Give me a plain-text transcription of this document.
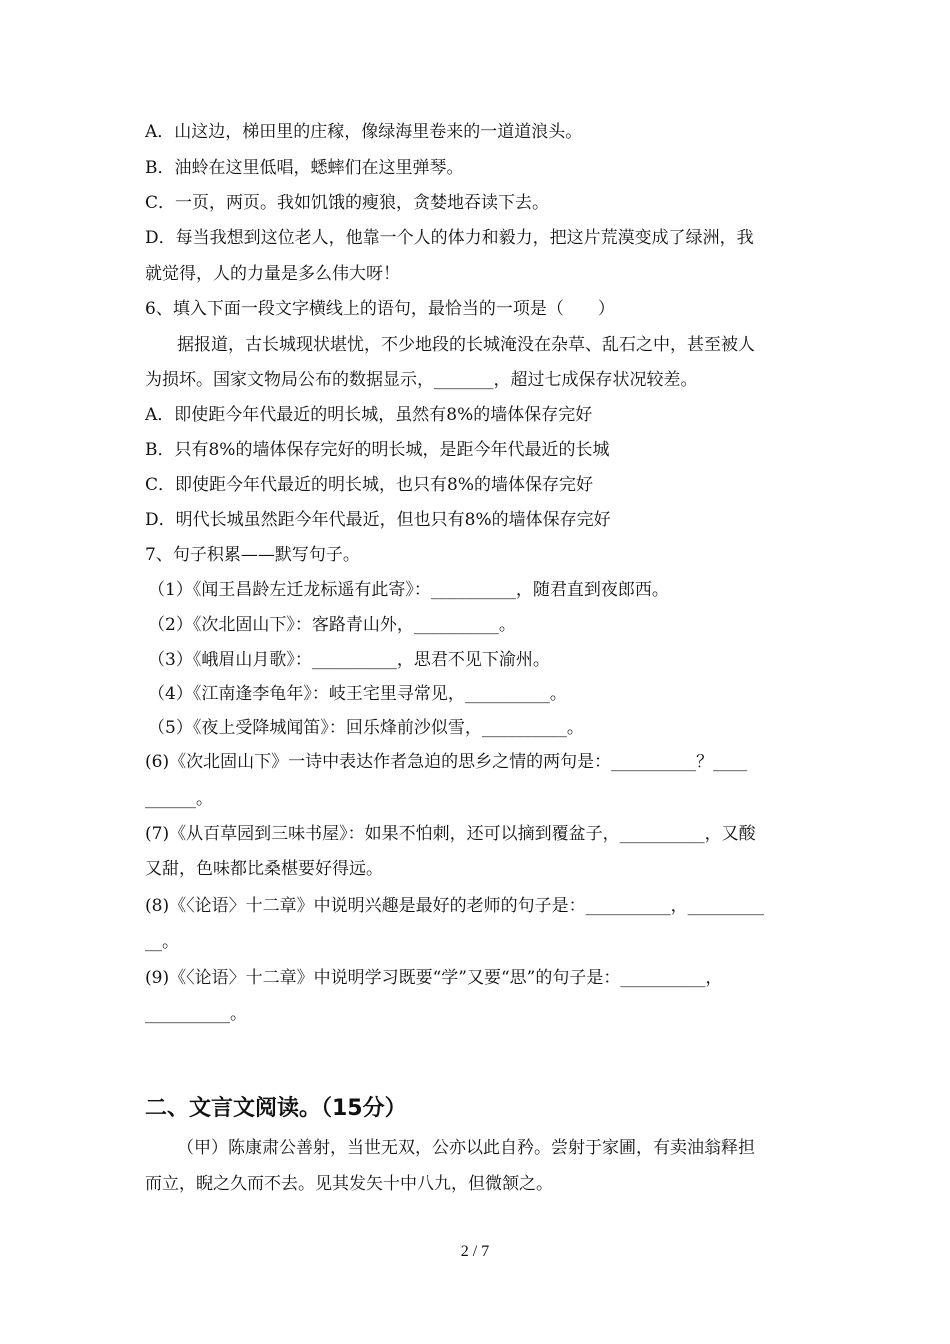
A．山这边，梯田里的庄稼，像绿海里卷来的一道道浪头。
B．油蛉在这里低唱，蟋蟀们在这里弹琴。
C．一页，两页。我如饥饿的瘦狼，贪婪地吞读下去。
D．每当我想到这位老人，他靠一个人的体力和毅力，把这片荒漠变成了绿洲，我
就觉得，人的力量是多么伟大呀！
6、填入下面一段文字横线上的语句，最恰当的一项是（　　）
据报道，古长城现状堪忧，不少地段的长城淹没在杂草、乱石之中，甚至被人
为损坏。国家文物局公布的数据显示，_______，超过七成保存状况较差。
A．即使距今年代最近的明长城，虽然有8%的墙体保存完好
B．只有8%的墙体保存完好的明长城，是距今年代最近的长城
C．即使距今年代最近的明长城，也只有8%的墙体保存完好
D．明代长城虽然距今年代最近，但也只有8%的墙体保存完好
7、句子积累——默写句子。
（1）《闻王昌龄左迁龙标遥有此寄》：__________，随君直到夜郎西。
（2）《次北固山下》：客路青山外，__________。
（3）《峨眉山月歌》：__________，思君不见下渝州。
（4）《江南逢李龟年》：岐王宅里寻常见，__________。
（5）《夜上受降城闻笛》：回乐烽前沙似雪，__________。
(6)《次北固山下》一诗中表达作者急迫的思乡之情的两句是：__________？____
______。
(7)《从百草园到三味书屋》：如果不怕刺，还可以摘到覆盆子，__________，又酸
又甜，色味都比桑椹要好得远。
(8)《〈论语〉十二章》中说明兴趣是最好的老师的句子是：__________，_________
__。
(9)《〈论语〉十二章》中说明学习既要“学”又要“思”的句子是：__________，
__________。
二、文言文阅读。（15分）
（甲）陈康肃公善射，当世无双，公亦以此自矜。尝射于家圃，有卖油翁释担
而立，睨之久而不去。见其发矢十中八九，但微颔之。
2 / 7
